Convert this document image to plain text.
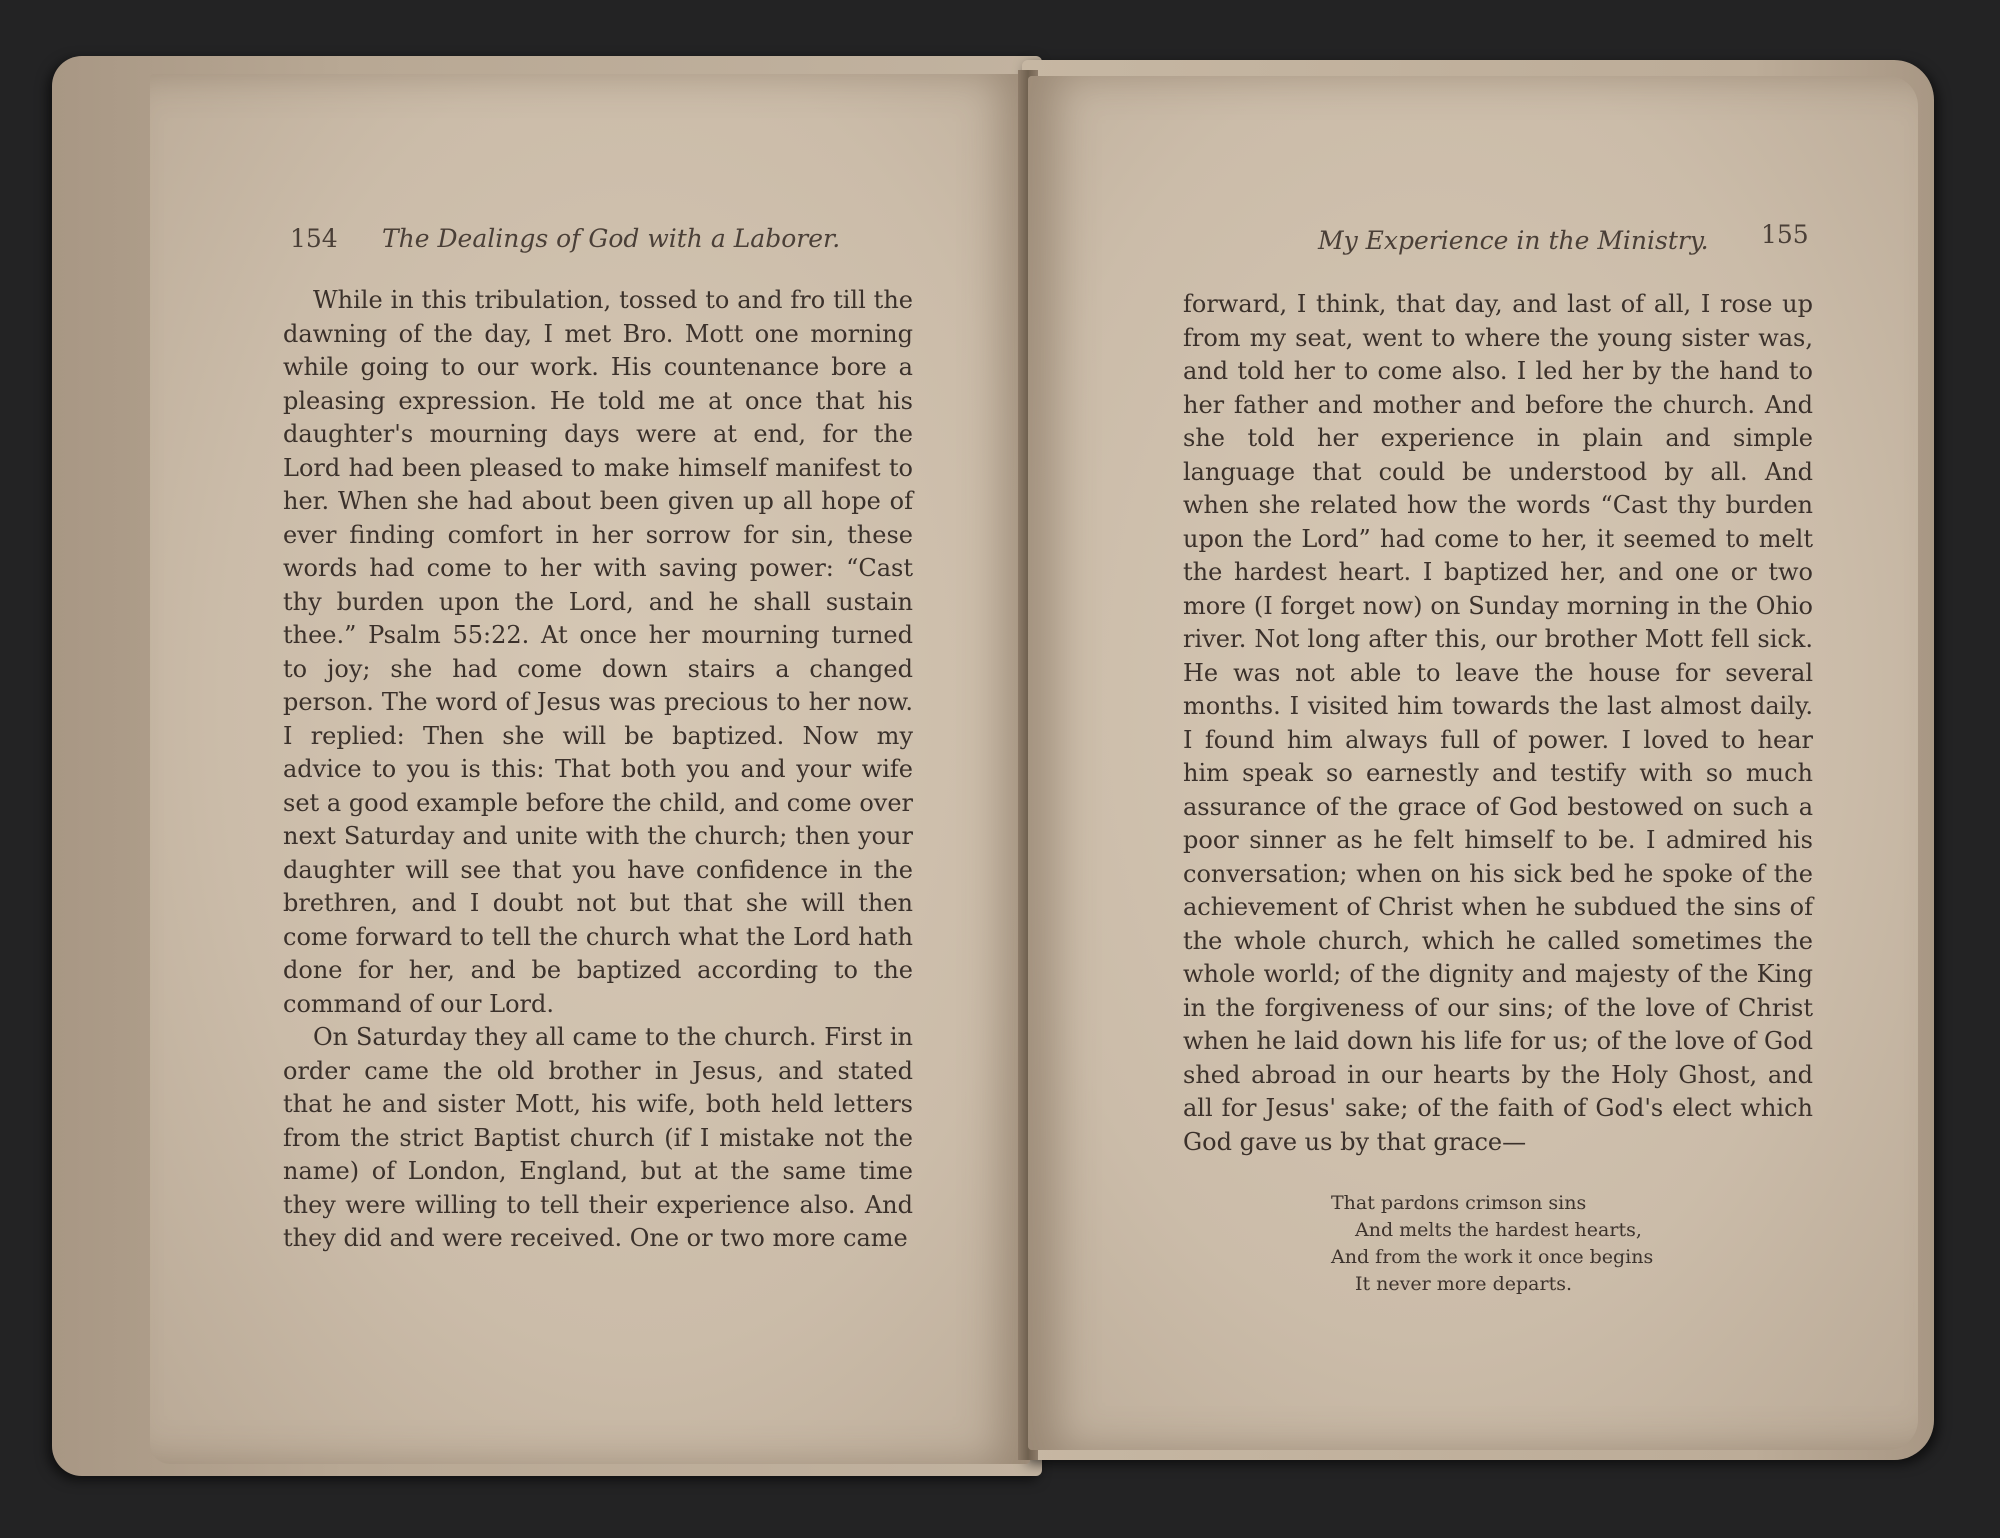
154 The Dealings of God with a Laborer.

While in this tribulation, tossed to and fro till the dawning of the day, I met Bro. Mott one morning while going to our work. His countenance bore a pleasing expression. He told me at once that his daughter's mourning days were at end, for the Lord had been pleased to make himself manifest to her. When she had about been given up all hope of ever finding comfort in her sorrow for sin, these words had come to her with saving power: “Cast thy burden upon the Lord, and he shall sustain thee.” Psalm 55:22. At once her mourning turned to joy; she had come down stairs a changed person. The word of Jesus was precious to her now. I replied: Then she will be baptized. Now my advice to you is this: That both you and your wife set a good example before the child, and come over next Saturday and unite with the church; then your daughter will see that you have confidence in the brethren, and I doubt not but that she will then come forward to tell the church what the Lord hath done for her, and be baptized according to the command of our Lord.

On Saturday they all came to the church. First in order came the old brother in Jesus, and stated that he and sister Mott, his wife, both held letters from the strict Baptist church (if I mistake not the name) of London, England, but at the same time they were willing to tell their experience also. And they did and were received. One or two more came

My Experience in the Ministry. 155

forward, I think, that day, and last of all, I rose up from my seat, went to where the young sister was, and told her to come also. I led her by the hand to her father and mother and before the church. And she told her experience in plain and simple language that could be understood by all. And when she related how the words “Cast thy burden upon the Lord” had come to her, it seemed to melt the hardest heart. I baptized her, and one or two more (I forget now) on Sunday morning in the Ohio river. Not long after this, our brother Mott fell sick. He was not able to leave the house for several months. I visited him towards the last almost daily. I found him always full of power. I loved to hear him speak so earnestly and testify with so much assurance of the grace of God bestowed on such a poor sinner as he felt himself to be. I admired his conversation; when on his sick bed he spoke of the achievement of Christ when he subdued the sins of the whole church, which he called sometimes the whole world; of the dignity and majesty of the King in the forgiveness of our sins; of the love of Christ when he laid down his life for us; of the love of God shed abroad in our hearts by the Holy Ghost, and all for Jesus' sake; of the faith of God's elect which God gave us by that grace—

That pardons crimson sins
And melts the hardest hearts,
And from the work it once begins
It never more departs.
